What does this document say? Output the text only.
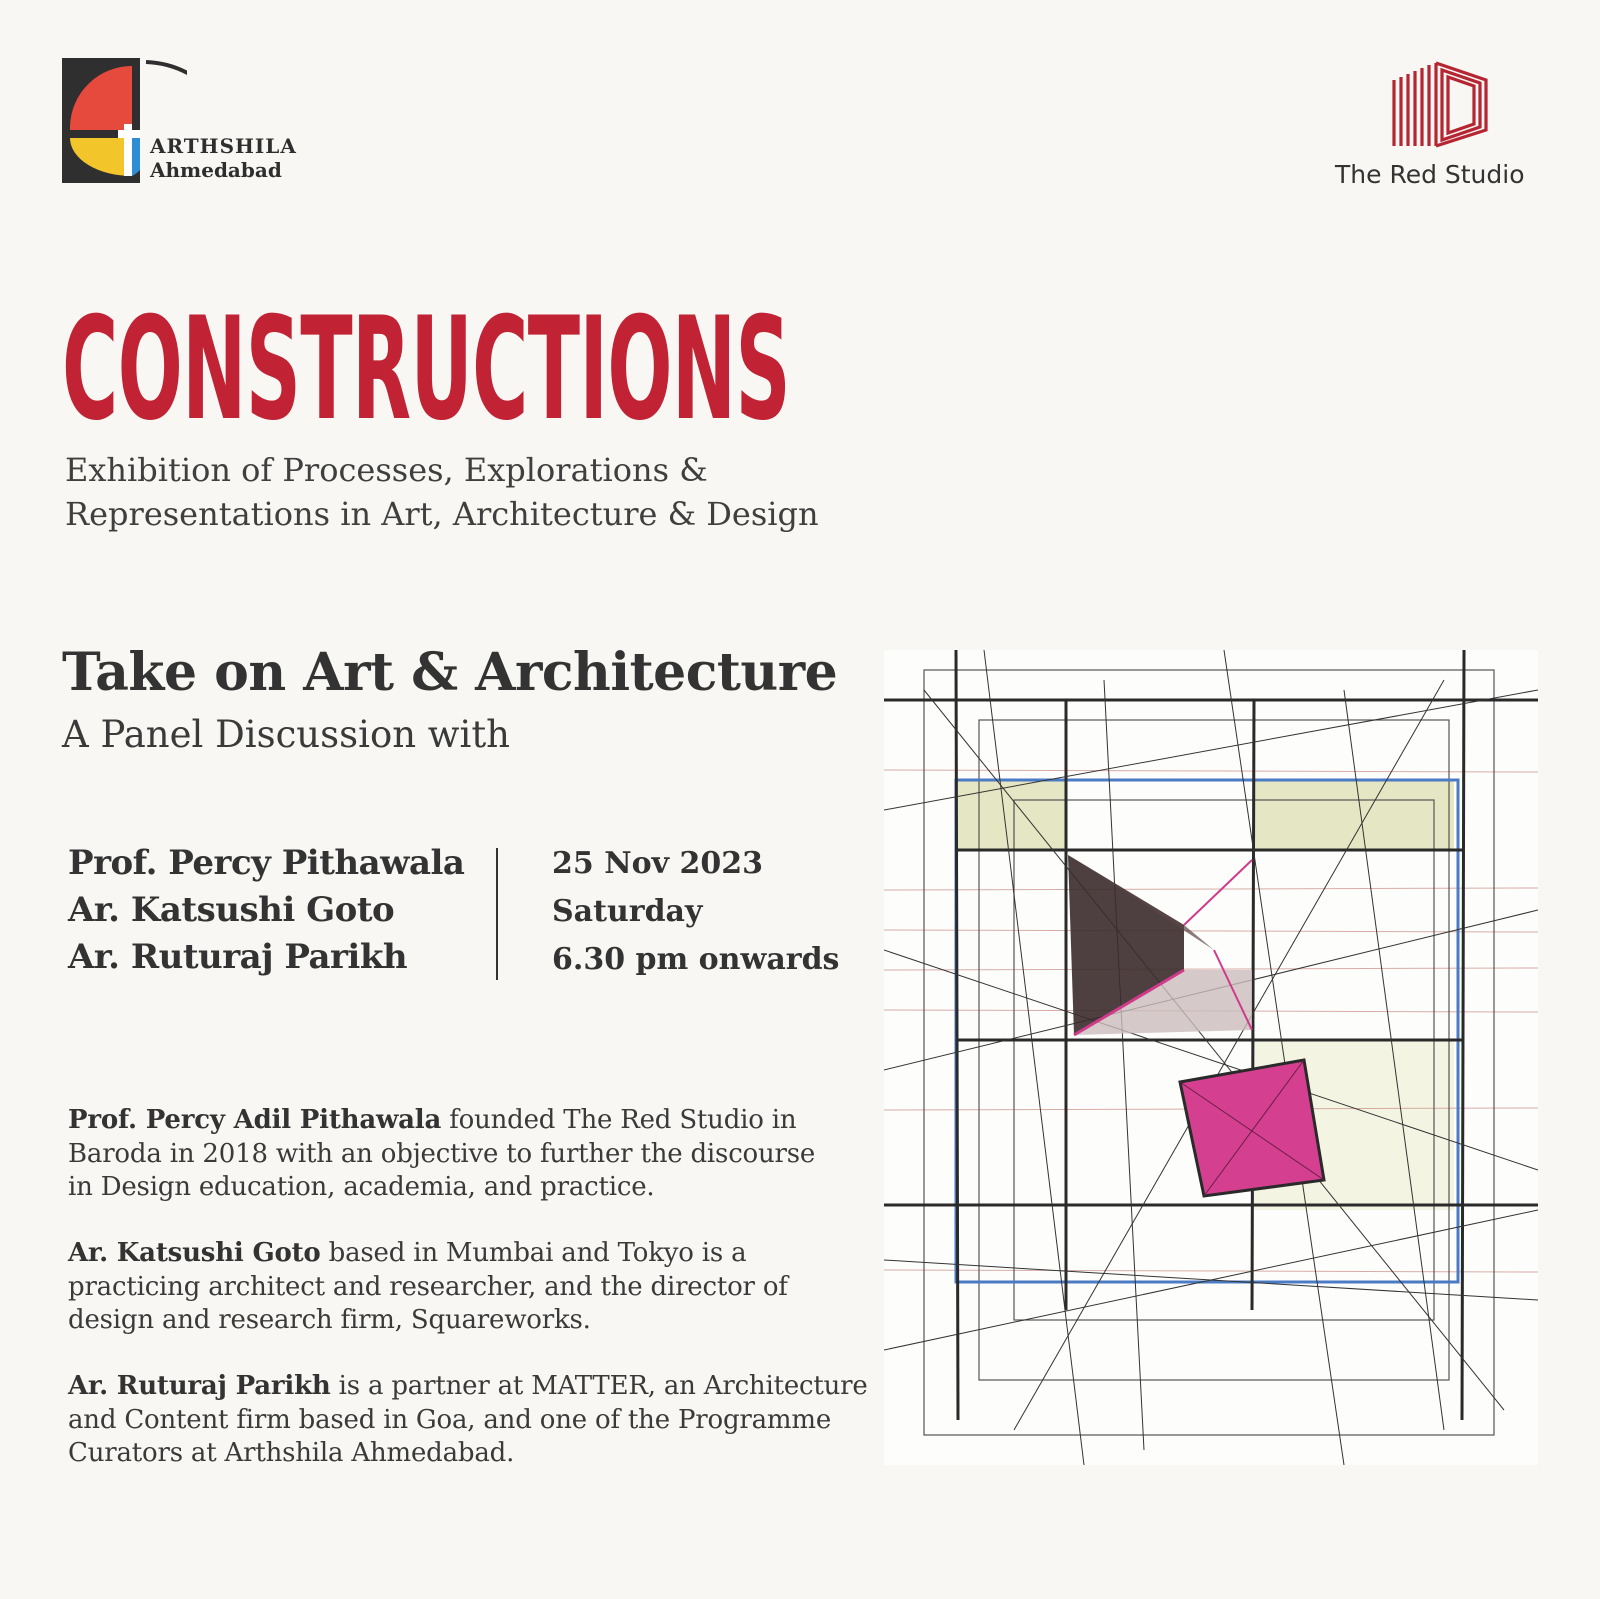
ARTHSHILA
Ahmedabad	The Red Studio
CONSTRUCTIONS
Exhibition of Processes, Explorations &
Representations in Art, Architecture & Design
Take on Art & Architecture
A Panel Discussion with
Prof. Percy Pithawala
Ar. Katsushi Goto
Ar. Ruturaj Parikh
25 Nov 2023
Saturday
6.30 pm onwards
Prof. Percy Adil Pithawala founded The Red Studio in
Baroda in 2018 with an objective to further the discourse
in Design education, academia, and practice.
Ar. Katsushi Goto based in Mumbai and Tokyo is a
practicing architect and researcher, and the director of
design and research firm, Squareworks.
Ar. Ruturaj Parikh is a partner at MATTER, an Architecture
and Content firm based in Goa, and one of the Programme
Curators at Arthshila Ahmedabad.
